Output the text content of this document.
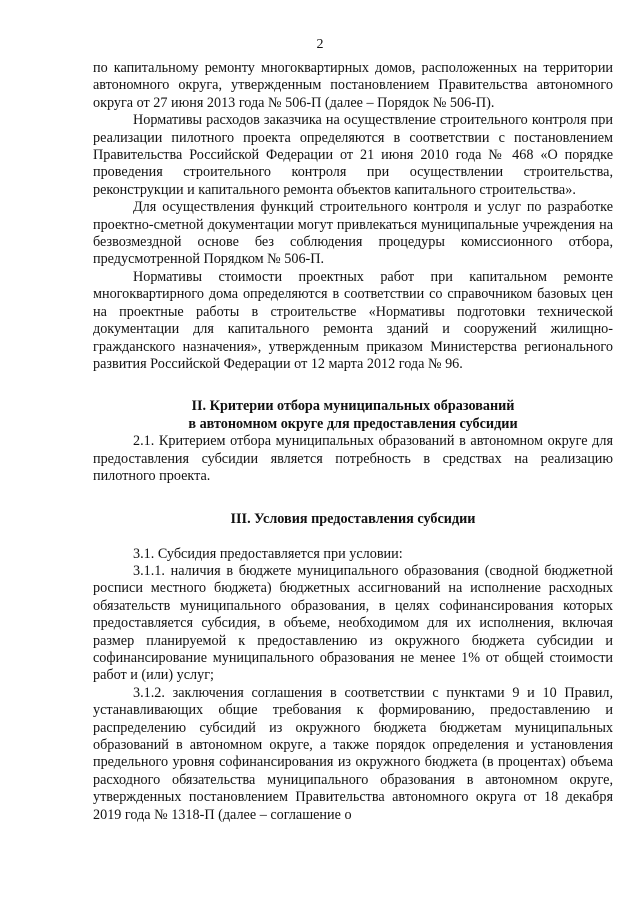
2

по капитальному ремонту многоквартирных домов, расположенных на территории автономного округа, утвержденным постановлением Правительства автономного округа от 27 июня 2013 года № 506-П (далее – Порядок № 506-П).

Нормативы расходов заказчика на осуществление строительного контроля при реализации пилотного проекта определяются в соответствии с постановлением Правительства Российской Федерации от 21 июня 2010 года № 468 «О порядке проведения строительного контроля при осуществлении строительства, реконструкции и капитального ремонта объектов капитального строительства».

Для осуществления функций строительного контроля и услуг по разработке проектно-сметной документации могут привлекаться муниципальные учреждения на безвозмездной основе без соблюдения процедуры комиссионного отбора, предусмотренной Порядком № 506-П.

Нормативы стоимости проектных работ при капитальном ремонте многоквартирного дома определяются в соответствии со справочником базовых цен на проектные работы в строительстве «Нормативы подготовки технической документации для капитального ремонта зданий и сооружений жилищно-гражданского назначения», утвержденным приказом Министерства регионального развития Российской Федерации от 12 марта 2012 года № 96.

II. Критерии отбора муниципальных образований
в автономном округе для предоставления субсидии

2.1. Критерием отбора муниципальных образований в автономном округе для предоставления субсидии является потребность в средствах на реализацию пилотного проекта.

III. Условия предоставления субсидии

3.1. Субсидия предоставляется при условии:

3.1.1. наличия в бюджете муниципального образования (сводной бюджетной росписи местного бюджета) бюджетных ассигнований на исполнение расходных обязательств муниципального образования, в целях софинансирования которых предоставляется субсидия, в объеме, необходимом для их исполнения, включая размер планируемой к предоставлению из окружного бюджета субсидии и софинансирование муниципального образования не менее 1% от общей стоимости работ и (или) услуг;

3.1.2. заключения соглашения в соответствии с пунктами 9 и 10 Правил, устанавливающих общие требования к формированию, предоставлению и распределению субсидий из окружного бюджета бюджетам муниципальных образований в автономном округе, а также порядок определения и установления предельного уровня софинансирования из окружного бюджета (в процентах) объема расходного обязательства муниципального образования в автономном округе, утвержденных постановлением Правительства автономного округа от 18 декабря 2019 года № 1318-П (далее – соглашение о
